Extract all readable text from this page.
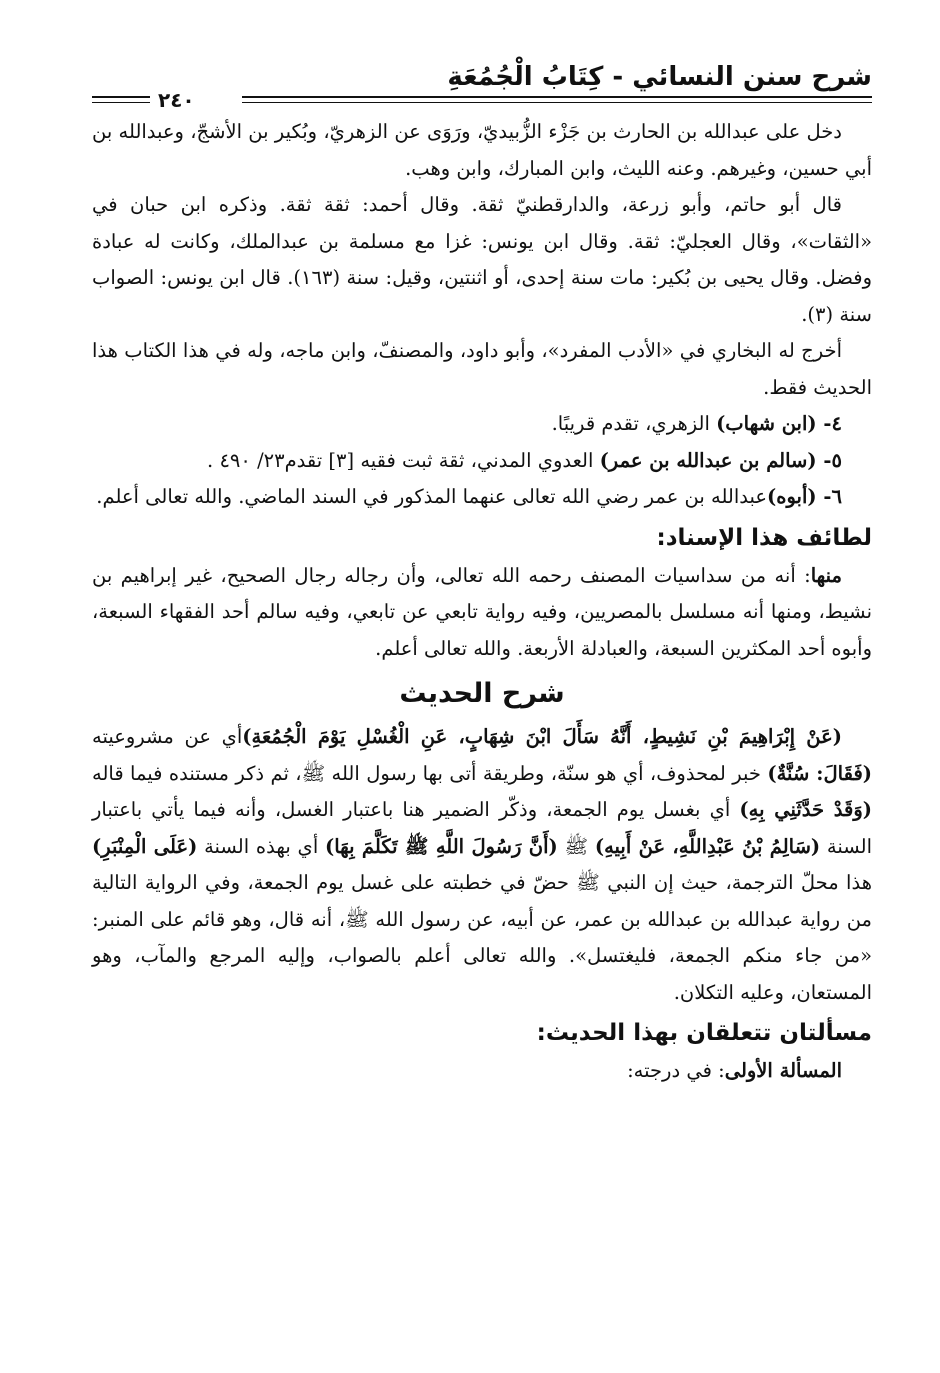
شرح سنن النسائي - كِتَابُ الْجُمُعَةِ
٢٤٠

دخل على عبدالله بن الحارث بن جَزْء الزُّبيديّ، ورَوَى عن الزهريّ، وبُكير بن الأشجّ، وعبدالله بن أبي حسين، وغيرهم. وعنه الليث، وابن المبارك، وابن وهب.

قال أبو حاتم، وأبو زرعة، والدارقطنيّ ثقة. وقال أحمد: ثقة ثقة. وذكره ابن حبان في «الثقات»، وقال العجليّ: ثقة. وقال ابن يونس: غزا مع مسلمة بن عبدالملك، وكانت له عبادة وفضل. وقال يحيى بن بُكير: مات سنة إحدى، أو اثنتين، وقيل: سنة (١٦٣). قال ابن يونس: الصواب سنة (٣).

أخرج له البخاري في «الأدب المفرد»، وأبو داود، والمصنفّ، وابن ماجه، وله في هذا الكتاب هذا الحديث فقط.

٤- (ابن شهاب) الزهري، تقدم قريبًا.

٥- (سالم بن عبدالله بن عمر) العدوي المدني، ثقة ثبت فقيه [٣] تقدم٢٣/ ٤٩٠ .

٦- (أبوه)عبدالله بن عمر رضي الله تعالى عنهما المذكور في السند الماضي. والله تعالى أعلم.

لطائف هذا الإسناد:

منها: أنه من سداسيات المصنف رحمه الله تعالى، وأن رجاله رجال الصحيح، غير إبراهيم بن نشيط، ومنها أنه مسلسل بالمصريين، وفيه رواية تابعي عن تابعي، وفيه سالم أحد الفقهاء السبعة، وأبوه أحد المكثرين السبعة، والعبادلة الأربعة. والله تعالى أعلم.

شرح الحديث

(عَنْ إِبْرَاهِيمَ بْنِ نَشِيطٍ، أَنَّهُ سَأَلَ ابْنَ شِهَابٍ، عَنِ الْغُسْلِ يَوْمَ الْجُمُعَةِ)أي عن مشروعيته (فَقَالَ: سُنَّةٌ) خبر لمحذوف، أي هو سنّة، وطريقة أتى بها رسول الله ﷺ، ثم ذكر مستنده فيما قاله (وَقَدْ حَدَّثَنِي بِهِ) أي بغسل يوم الجمعة، وذكّر الضمير هنا باعتبار الغسل، وأنه فيما يأتي باعتبار السنة (سَالِمُ بْنُ عَبْدِاللَّهِ، عَنْ أَبِيهِ) ﷺ (أَنَّ رَسُولَ اللَّهِ ﷺ تَكَلَّمَ بِهَا) أي بهذه السنة (عَلَى الْمِنْبَرِ) هذا محلّ الترجمة، حيث إن النبي ﷺ حضّ في خطبته على غسل يوم الجمعة، وفي الرواية التالية من رواية عبدالله بن عبدالله بن عمر، عن أبيه، عن رسول الله ﷺ، أنه قال، وهو قائم على المنبر: «من جاء منكم الجمعة، فليغتسل». والله تعالى أعلم بالصواب، وإليه المرجع والمآب، وهو المستعان، وعليه التكلان.

مسألتان تتعلقان بهذا الحديث:

المسألة الأولى: في درجته:
